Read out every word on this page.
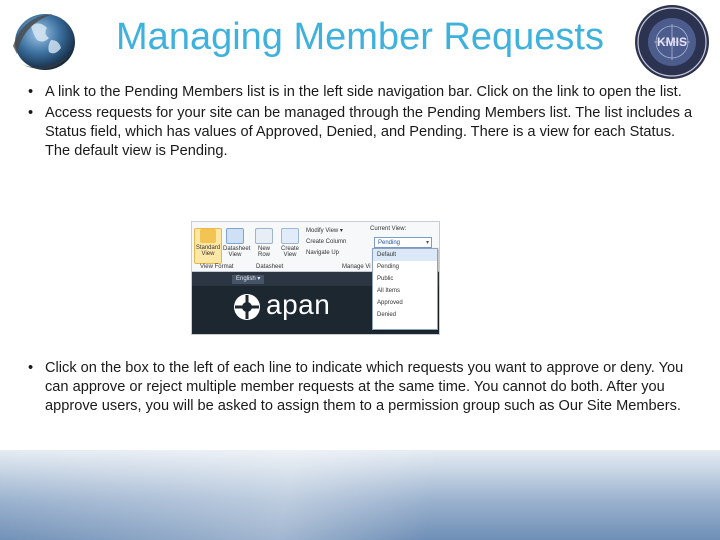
Managing Member Requests	KMIS
• A link to the Pending Members list is in the left side navigation bar. Click on the link to open the list.
• Access requests for your site can be managed through the Pending Members list. The list includes a Status field, which has values of Approved, Denied, and Pending. There is a view for each Status. The default view is Pending.
Standard View
Datasheet View
New Row
Create View
Modify View ▾
Create Column
Navigate Up
Current View:
Pending	▾
View Format	Datasheet	Manage Vi
Default
Pending
Public
All Items
Approved
Denied
English ▾
apan
• Click on the box to the left of each line to indicate which requests you want to approve or deny. You can approve or reject multiple member requests at the same time. You cannot do both. After you approve users, you will be asked to assign them to a permission group such as Our Site Members.
